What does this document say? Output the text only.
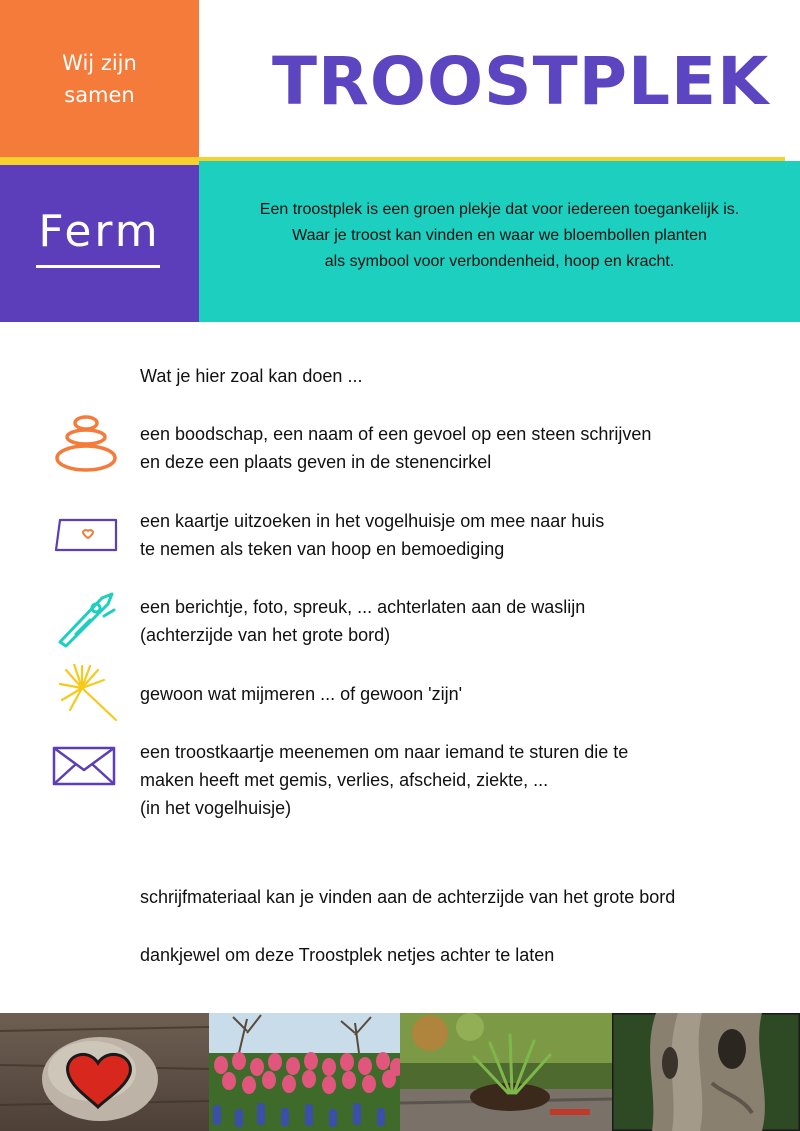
Wij zijn
samen TROOSTPLEK
Ferm	Een troostplek is een groen plekje dat voor iedereen toegankelijk is.
Waar je troost kan vinden en waar we bloembollen planten
als symbool voor verbondenheid, hoop en kracht.
Wat je hier zoal kan doen ...
een boodschap, een naam of een gevoel op een steen schrijven
en deze een plaats geven in de stenencirkel
een kaartje uitzoeken in het vogelhuisje om mee naar huis
te nemen als teken van hoop en bemoediging
een berichtje, foto, spreuk, ... achterlaten aan de waslijn
(achterzijde van het grote bord)
gewoon wat mijmeren ... of gewoon 'zijn'
een troostkaartje meenemen om naar iemand te sturen die te
maken heeft met gemis, verlies, afscheid, ziekte, ...
(in het vogelhuisje)
schrijfmateriaal kan je vinden aan de achterzijde van het grote bord
dankjewel om deze Troostplek netjes achter te laten
